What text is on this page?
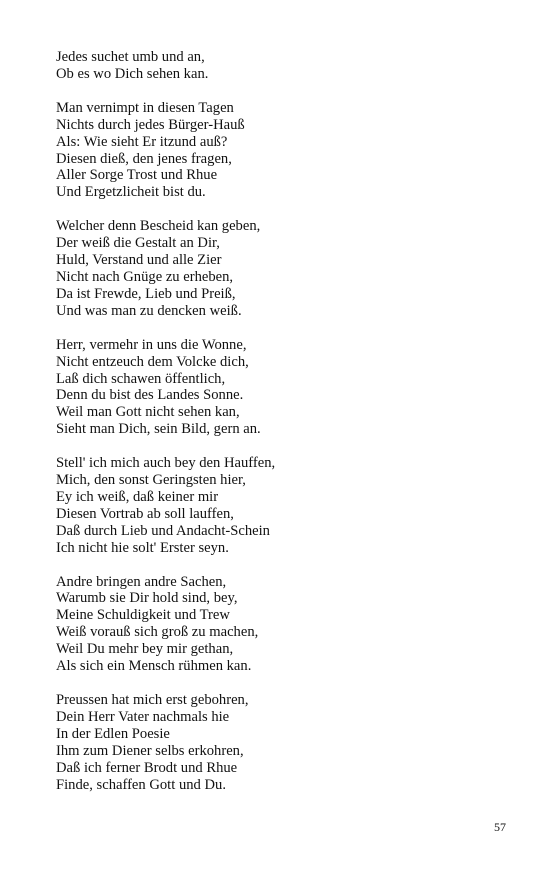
Jedes suchet umb und an,
Ob es wo Dich sehen kan.
Man vernimpt in diesen Tagen
Nichts durch jedes Bürger-Hauß
Als: Wie sieht Er itzund auß?
Diesen dieß, den jenes fragen,
Aller Sorge Trost und Rhue
Und Ergetzlicheit bist du.
Welcher denn Bescheid kan geben,
Der weiß die Gestalt an Dir,
Huld, Verstand und alle Zier
Nicht nach Gnüge zu erheben,
Da ist Frewde, Lieb und Preiß,
Und was man zu dencken weiß.
Herr, vermehr in uns die Wonne,
Nicht entzeuch dem Volcke dich,
Laß dich schawen öffentlich,
Denn du bist des Landes Sonne.
Weil man Gott nicht sehen kan,
Sieht man Dich, sein Bild, gern an.
Stell' ich mich auch bey den Hauffen,
Mich, den sonst Geringsten hier,
Ey ich weiß, daß keiner mir
Diesen Vortrab ab soll lauffen,
Daß durch Lieb und Andacht-Schein
Ich nicht hie solt' Erster seyn.
Andre bringen andre Sachen,
Warumb sie Dir hold sind, bey,
Meine Schuldigkeit und Trew
Weiß vorauß sich groß zu machen,
Weil Du mehr bey mir gethan,
Als sich ein Mensch rühmen kan.
Preussen hat mich erst gebohren,
Dein Herr Vater nachmals hie
In der Edlen Poesie
Ihm zum Diener selbs erkohren,
Daß ich ferner Brodt und Rhue
Finde, schaffen Gott und Du.
57
